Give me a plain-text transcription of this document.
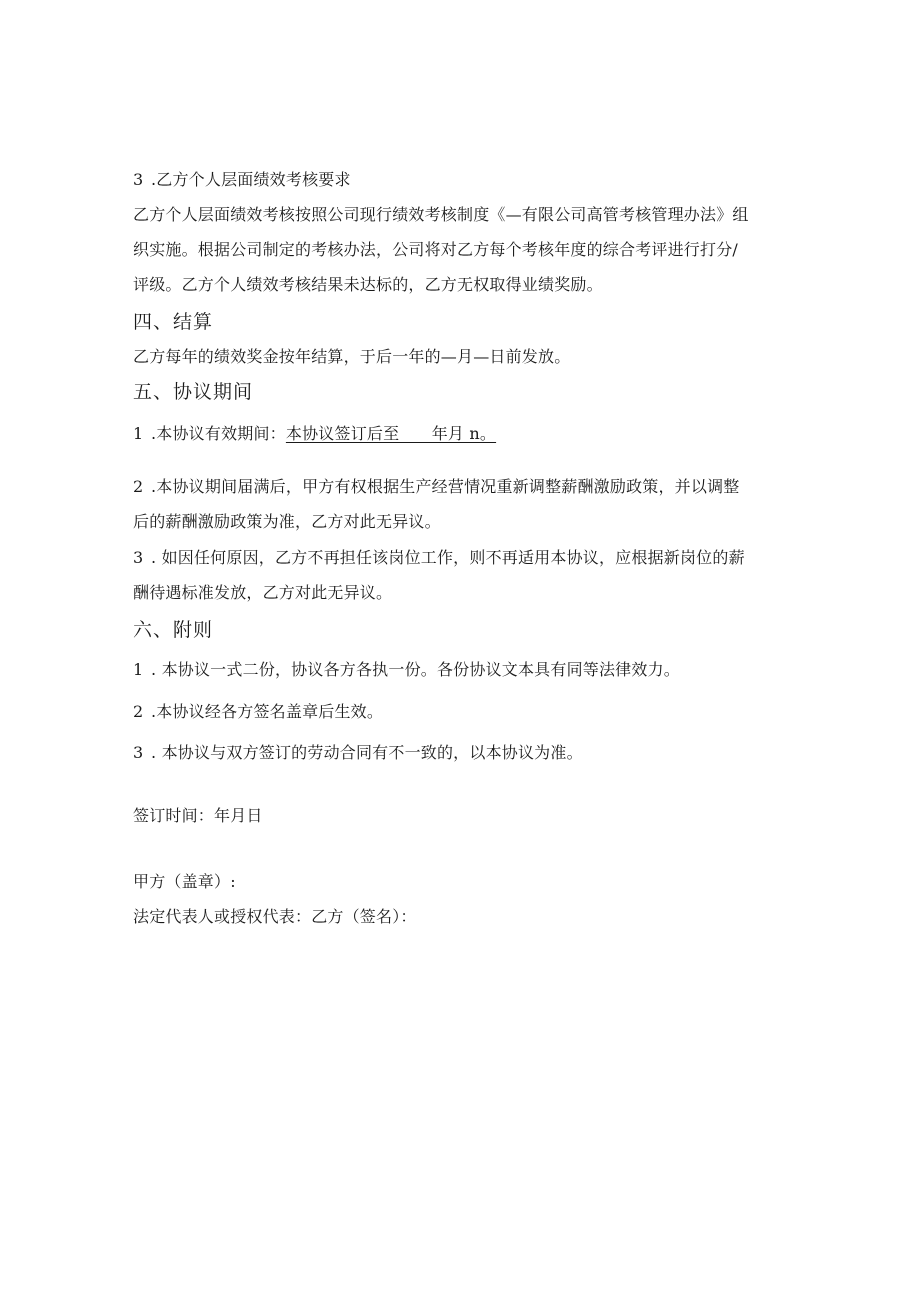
3 .乙方个人层面绩效考核要求
乙方个人层面绩效考核按照公司现行绩效考核制度《—有限公司高管考核管理办法》组
织实施。根据公司制定的考核办法，公司将对乙方每个考核年度的综合考评进行打分/
评级。乙方个人绩效考核结果未达标的，乙方无权取得业绩奖励。
四、结算
乙方每年的绩效奖金按年结算，于后一年的—月—日前发放。
五、协议期间
1 .本协议有效期间：本协议签订后至　　年月 n。
2 .本协议期间届满后，甲方有权根据生产经营情况重新调整薪酬激励政策，并以调整
后的薪酬激励政策为准，乙方对此无异议。
3 . 如因任何原因，乙方不再担任该岗位工作，则不再适用本协议，应根据新岗位的薪
酬待遇标准发放，乙方对此无异议。
六、附则
1 . 本协议一式二份，协议各方各执一份。各份协议文本具有同等法律效力。
2 .本协议经各方签名盖章后生效。
3 . 本协议与双方签订的劳动合同有不一致的，以本协议为准。
签订时间：年月日
甲方（盖章）:
法定代表人或授权代表：乙方（签名）：
